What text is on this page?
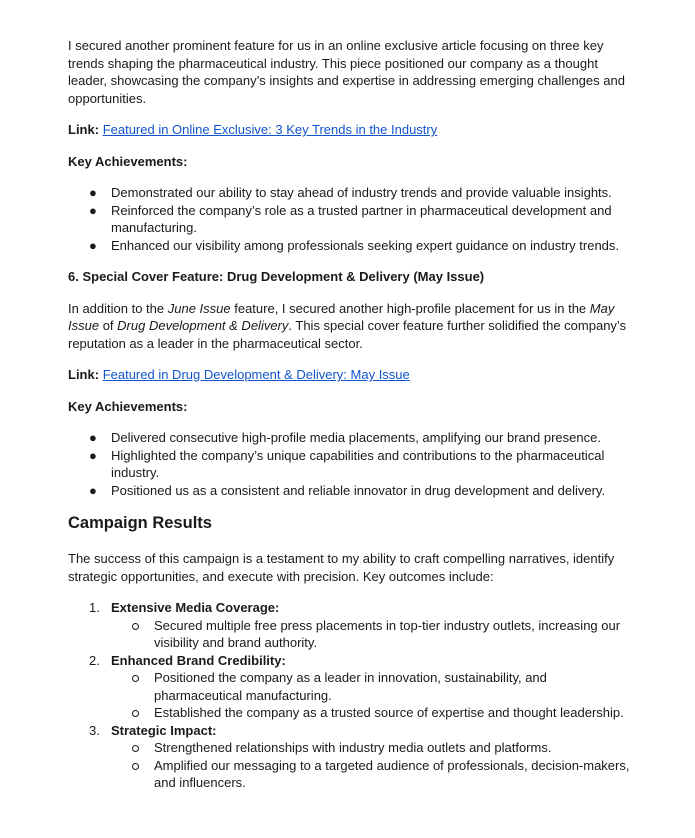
I secured another prominent feature for us in an online exclusive article focusing on three key trends shaping the pharmaceutical industry. This piece positioned our company as a thought leader, showcasing the company’s insights and expertise in addressing emerging challenges and opportunities.

Link: Featured in Online Exclusive: 3 Key Trends in the Industry

Key Achievements:

● Demonstrated our ability to stay ahead of industry trends and provide valuable insights.
● Reinforced the company’s role as a trusted partner in pharmaceutical development and manufacturing.
● Enhanced our visibility among professionals seeking expert guidance on industry trends.
6. Special Cover Feature: Drug Development & Delivery (May Issue)

In addition to the June Issue feature, I secured another high-profile placement for us in the May Issue of Drug Development & Delivery. This special cover feature further solidified the company’s reputation as a leader in the pharmaceutical sector.

Link: Featured in Drug Development & Delivery: May Issue

Key Achievements:

● Delivered consecutive high-profile media placements, amplifying our brand presence.
● Highlighted the company’s unique capabilities and contributions to the pharmaceutical industry.
● Positioned us as a consistent and reliable innovator in drug development and delivery.
Campaign Results

The success of this campaign is a testament to my ability to craft compelling narratives, identify strategic opportunities, and execute with precision. Key outcomes include:

1. Extensive Media Coverage:
Secured multiple free press placements in top-tier industry outlets, increasing our visibility and brand authority.
2. Enhanced Brand Credibility:
Positioned the company as a leader in innovation, sustainability, and pharmaceutical manufacturing.
Established the company as a trusted source of expertise and thought leadership.
3. Strategic Impact:
Strengthened relationships with industry media outlets and platforms.
Amplified our messaging to a targeted audience of professionals, decision-makers, and influencers.
